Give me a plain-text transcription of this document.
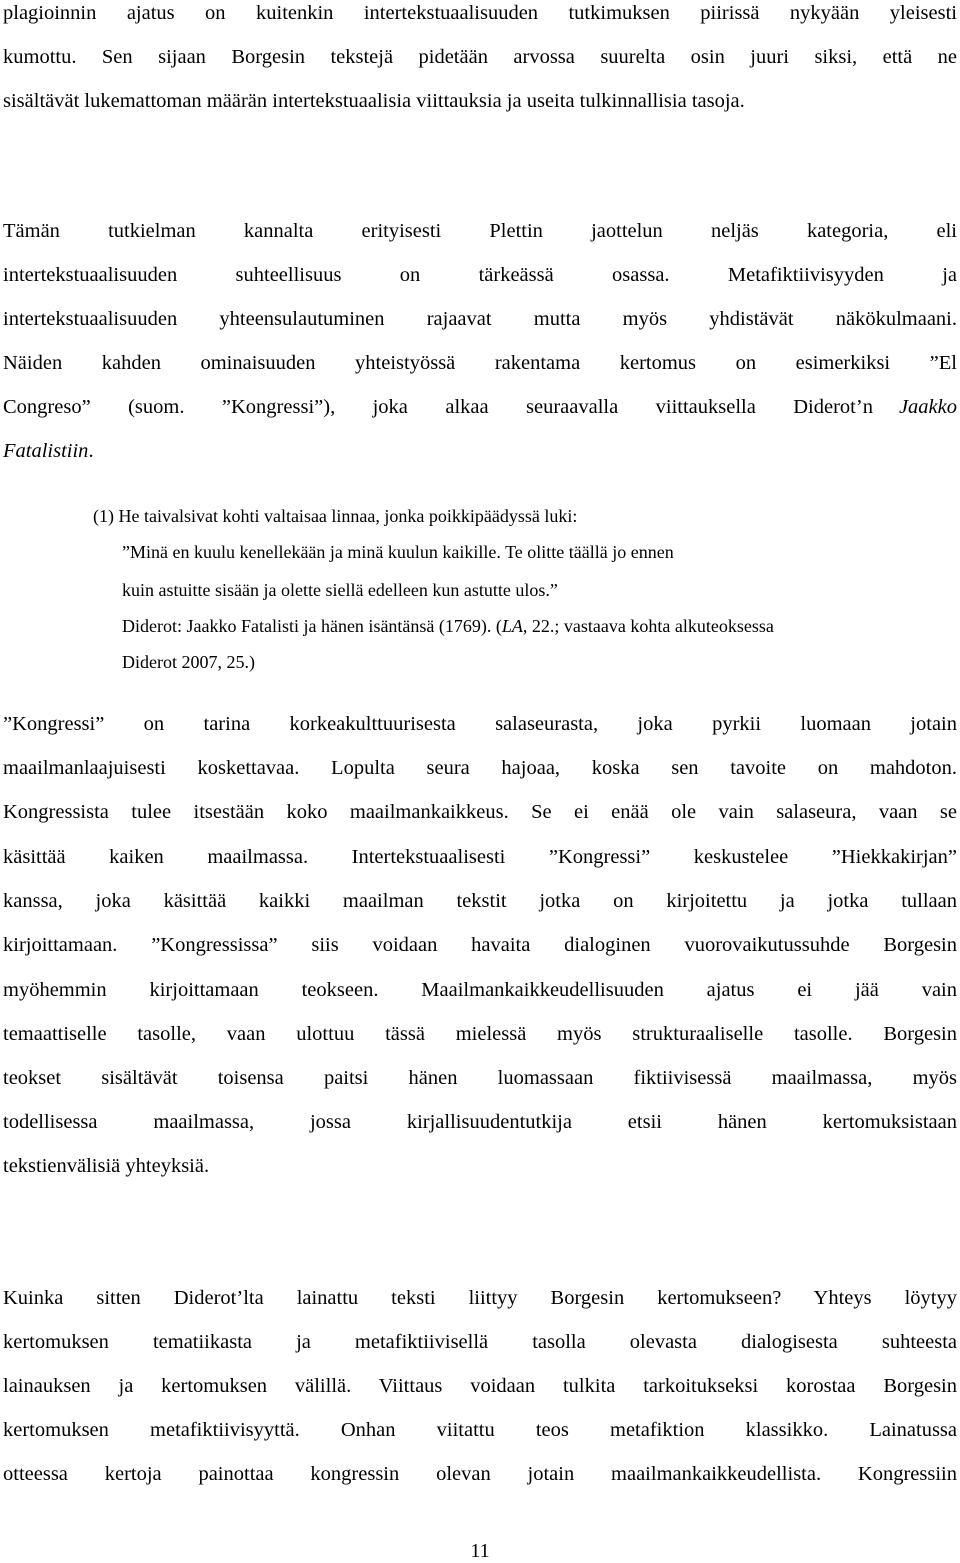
plagioinnin ajatus on kuitenkin intertekstuaalisuuden tutkimuksen piirissä nykyään yleisesti
kumottu. Sen sijaan Borgesin tekstejä pidetään arvossa suurelta osin juuri siksi, että ne
sisältävät lukemattoman määrän intertekstuaalisia viittauksia ja useita tulkinnallisia tasoja.
Tämän tutkielman kannalta erityisesti Plettin jaottelun neljäs kategoria, eli
intertekstuaalisuuden suhteellisuus on tärkeässä osassa. Metafiktiivisyyden ja
intertekstuaalisuuden yhteensulautuminen rajaavat mutta myös yhdistävät näkökulmaani.
Näiden kahden ominaisuuden yhteistyössä rakentama kertomus on esimerkiksi ”El
Congreso” (suom. ”Kongressi”), joka alkaa seuraavalla viittauksella Diderot’n	Jaakko
Fatalistiin.
(1) He taivalsivat kohti valtaisaa linnaa, jonka poikkipäädyssä luki:
”Minä en kuulu kenellekään ja minä kuulun kaikille. Te olitte täällä jo ennen
kuin astuitte sisään ja olette siellä edelleen kun astutte ulos.”
Diderot: Jaakko Fatalisti ja hänen isäntänsä (1769). (LA, 22.; vastaava kohta alkuteoksessa
Diderot 2007, 25.)
”Kongressi” on tarina korkeakulttuurisesta salaseurasta, joka pyrkii luomaan jotain
maailmanlaajuisesti koskettavaa. Lopulta seura hajoaa, koska sen tavoite on mahdoton.
Kongressista tulee itsestään koko maailmankaikkeus. Se ei enää ole vain salaseura, vaan se
käsittää kaiken maailmassa. Intertekstuaalisesti ”Kongressi” keskustelee ”Hiekkakirjan”
kanssa, joka käsittää kaikki maailman tekstit jotka on kirjoitettu ja jotka tullaan
kirjoittamaan. ”Kongressissa” siis voidaan havaita dialoginen vuorovaikutussuhde Borgesin
myöhemmin kirjoittamaan teokseen. Maailmankaikkeudellisuuden ajatus ei jää vain
temaattiselle tasolle, vaan ulottuu tässä mielessä myös strukturaaliselle tasolle. Borgesin
teokset sisältävät toisensa paitsi hänen luomassaan fiktiivisessä maailmassa, myös
todellisessa maailmassa, jossa kirjallisuudentutkija etsii hänen kertomuksistaan
tekstienvälisiä yhteyksiä.
Kuinka sitten Diderot’lta lainattu teksti liittyy Borgesin kertomukseen? Yhteys löytyy
kertomuksen tematiikasta ja metafiktiivisellä tasolla olevasta dialogisesta suhteesta
lainauksen ja kertomuksen välillä. Viittaus voidaan tulkita tarkoitukseksi korostaa Borgesin
kertomuksen metafiktiivisyyttä. Onhan viitattu teos metafiktion klassikko. Lainatussa
otteessa kertoja painottaa kongressin olevan jotain maailmankaikkeudellista. Kongressiin
11
